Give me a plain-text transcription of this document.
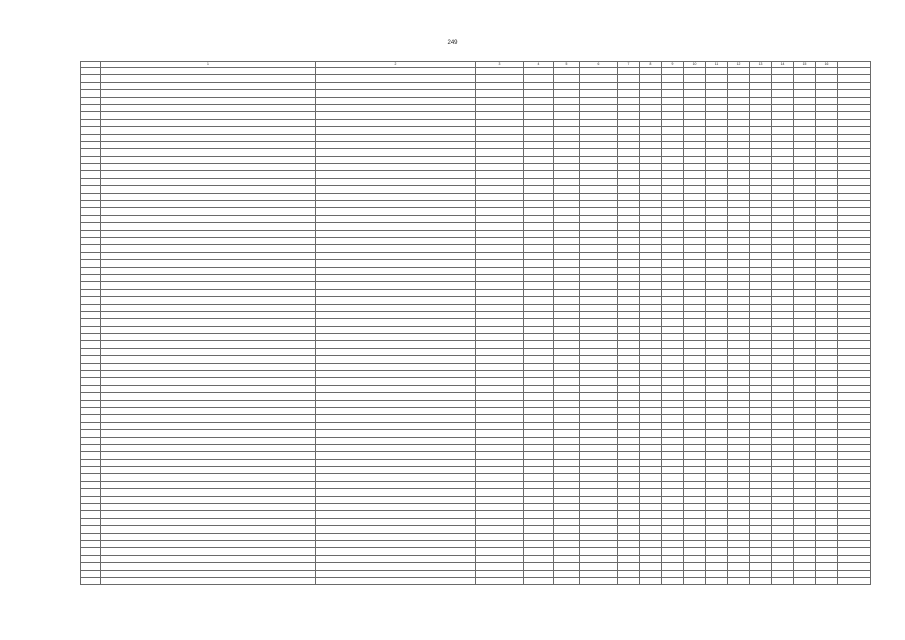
249
	1	2	3	4	5	6	7	8	9	10	11	12	13	14	15	16	
